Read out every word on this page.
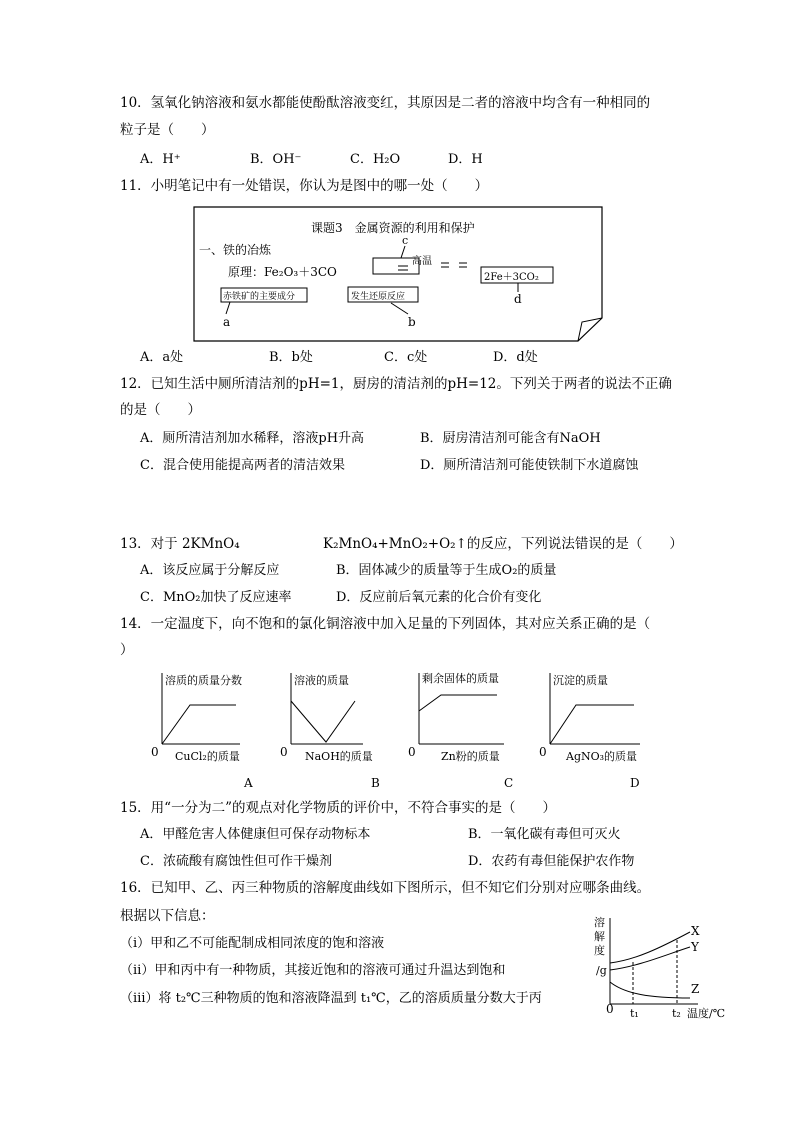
10．氢氧化钠溶液和氨水都能使酚酞溶液变红，其原因是二者的溶液中均含有一种相同的
粒子是（　　）
A．H⁺	B．OH⁻	C．H₂O	D．H
11．小明笔记中有一处错误，你认为是图中的哪一处（　　）
课题3　金属资源的利用和保护
一、铁的冶炼
原理：Fe₂O₃＋3CO
高温
2Fe＋3CO₂
赤铁矿的主要成分	发生还原反应
a	b
c
d
A．a处	B．b处	C．c处	D．d处
12．已知生活中厕所清洁剂的pH=1，厨房的清洁剂的pH=12。下列关于两者的说法不正确
的是（　　）
A．厕所清洁剂加水稀释，溶液pH升高	B．厨房清洁剂可能含有NaOH
C．混合使用能提高两者的清洁效果	D．厕所清洁剂可能使铁制下水道腐蚀
13．对于 2KMnO₄	K₂MnO₄+MnO₂+O₂↑的反应，下列说法错误的是（　　）
A．该反应属于分解反应	B．固体减少的质量等于生成O₂的质量
C．MnO₂加快了反应速率	D．反应前后氧元素的化合价有变化
14．一定温度下，向不饱和的氯化铜溶液中加入足量的下列固体，其对应关系正确的是（
）
溶质的质量分数
0 CuCl₂的质量
A
溶液的质量
0 NaOH的质量
B
剩余固体的质量
0 Zn粉的质量
C
沉淀的质量
0 AgNO₃的质量
D
15．用“一分为二”的观点对化学物质的评价中，不符合事实的是（　　）
A．甲醛危害人体健康但可保存动物标本	B．一氧化碳有毒但可灭火
C．浓硫酸有腐蚀性但可作干燥剂	D．农药有毒但能保护农作物
16．已知甲、乙、丙三种物质的溶解度曲线如下图所示，但不知它们分别对应哪条曲线。
根据以下信息：
（ⅰ）甲和乙不可能配制成相同浓度的饱和溶液
（ⅱ）甲和丙中有一种物质，其接近饱和的溶液可通过升温达到饱和
（ⅲ）将 t₂℃三种物质的饱和溶液降温到 t₁℃，乙的溶质质量分数大于丙
溶
解
度
/g
0 t₁	t₂ 温度/℃
X
Y
Z
